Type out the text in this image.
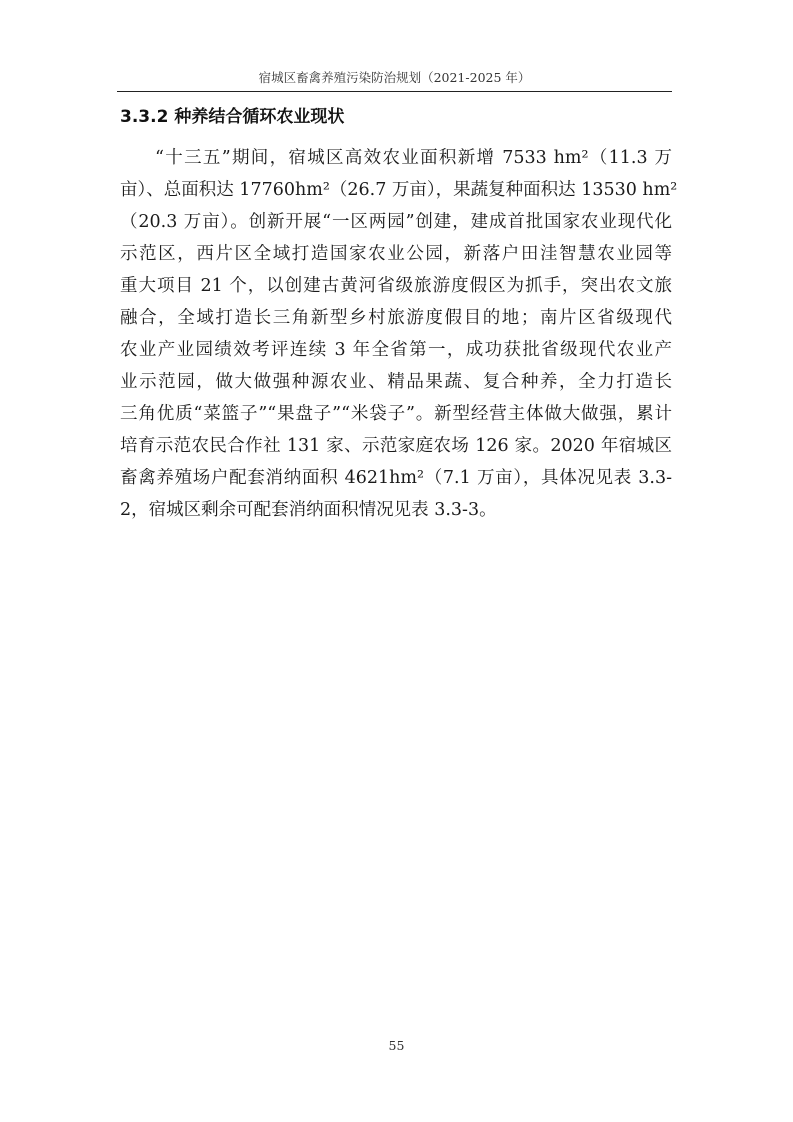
宿城区畜禽养殖污染防治规划（2021-2025 年）
3.3.2 种养结合循环农业现状
“十三五”期间，宿城区高效农业面积新增 7533 hm²（11.3 万
亩）、总面积达 17760hm²（26.7 万亩），果蔬复种面积达 13530 hm²
（20.3 万亩）。创新开展“一区两园”创建，建成首批国家农业现代化
示范区，西片区全域打造国家农业公园，新落户田洼智慧农业园等
重大项目 21 个，以创建古黄河省级旅游度假区为抓手，突出农文旅
融合，全域打造长三角新型乡村旅游度假目的地；南片区省级现代
农业产业园绩效考评连续 3 年全省第一，成功获批省级现代农业产
业示范园，做大做强种源农业、精品果蔬、复合种养，全力打造长
三角优质“菜篮子”“果盘子”“米袋子”。新型经营主体做大做强，累计
培育示范农民合作社 131 家、示范家庭农场 126 家。2020 年宿城区
畜禽养殖场户配套消纳面积 4621hm²（7.1 万亩），具体况见表 3.3-
2，宿城区剩余可配套消纳面积情况见表 3.3-3。
55
